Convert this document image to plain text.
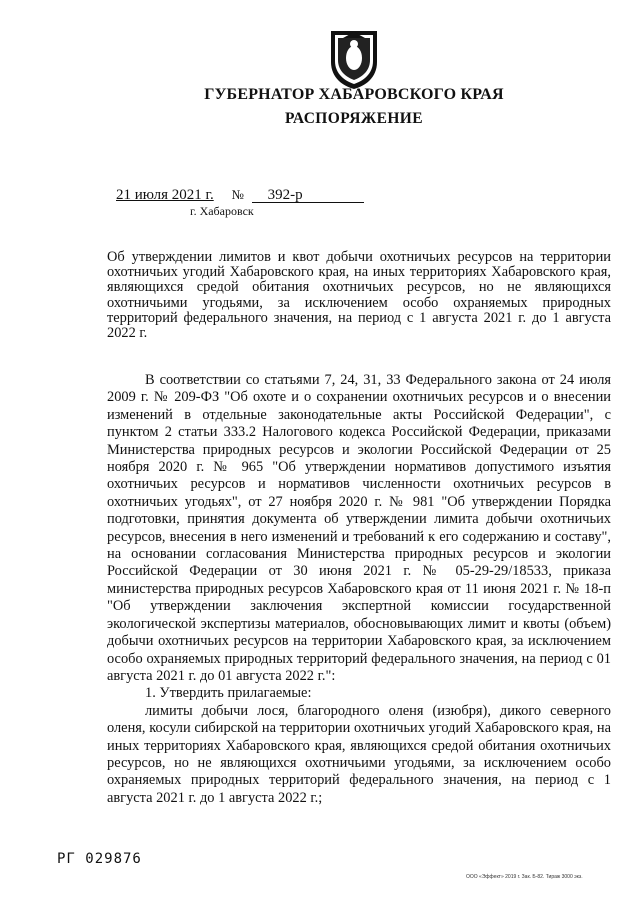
ГУБЕРНАТОР ХАБАРОВСКОГО КРАЯ
РАСПОРЯЖЕНИЕ
21 июля 2021 г. № 392-р
г. Хабаровск
Об утверждении лимитов и квот добычи охотничьих ресурсов на территории охотничьих угодий Хабаровского края, на иных территориях Хабаровского края, являющихся средой обитания охотничьих ресурсов, но не являющихся охотничьими угодьями, за исключением особо охраняемых природных территорий федерального значения, на период с 1 августа 2021 г. до 1 августа 2022 г.

В соответствии со статьями 7, 24, 31, 33 Федерального закона от 24 июля 2009 г. № 209-ФЗ "Об охоте и о сохранении охотничьих ресурсов и о внесении изменений в отдельные законодательные акты Российской Федерации", с пунктом 2 статьи 333.2 Налогового кодекса Российской Федерации, приказами Министерства природных ресурсов и экологии Российской Федерации от 25 ноября 2020 г. № 965 "Об утверждении нормативов допустимого изъятия охотничьих ресурсов и нормативов численности охотничьих ресурсов в охотничьих угодьях", от 27 ноября 2020 г. № 981 "Об утверждении Порядка подготовки, принятия документа об утверждении лимита добычи охотничьих ресурсов, внесения в него изменений и требований к его содержанию и составу", на основании согласования Министерства природных ресурсов и экологии Российской Федерации от 30 июня 2021 г. № 05-29-29/18533, приказа министерства природных ресурсов Хабаровского края от 11 июня 2021 г. № 18-п "Об утверждении заключения экспертной комиссии государственной экологической экспертизы материалов, обосновывающих лимит и квоты (объем) добычи охотничьих ресурсов на территории Хабаровского края, за исключением особо охраняемых природных территорий федерального значения, на период с 01 августа 2021 г. до 01 августа 2022 г.":

1. Утвердить прилагаемые:

лимиты добычи лося, благородного оленя (изюбря), дикого северного оленя, косули сибирской на территории охотничьих угодий Хабаровского края, на иных территориях Хабаровского края, являющихся средой обитания охотничьих ресурсов, но не являющихся охотничьими угодьями, за исключением особо охраняемых природных территорий федерального значения, на период с 1 августа 2021 г. до 1 августа 2022 г.;

РГ 029876
ООО «Эффект» 2019 г. Зак. Б-82. Тираж 3000 экз.
